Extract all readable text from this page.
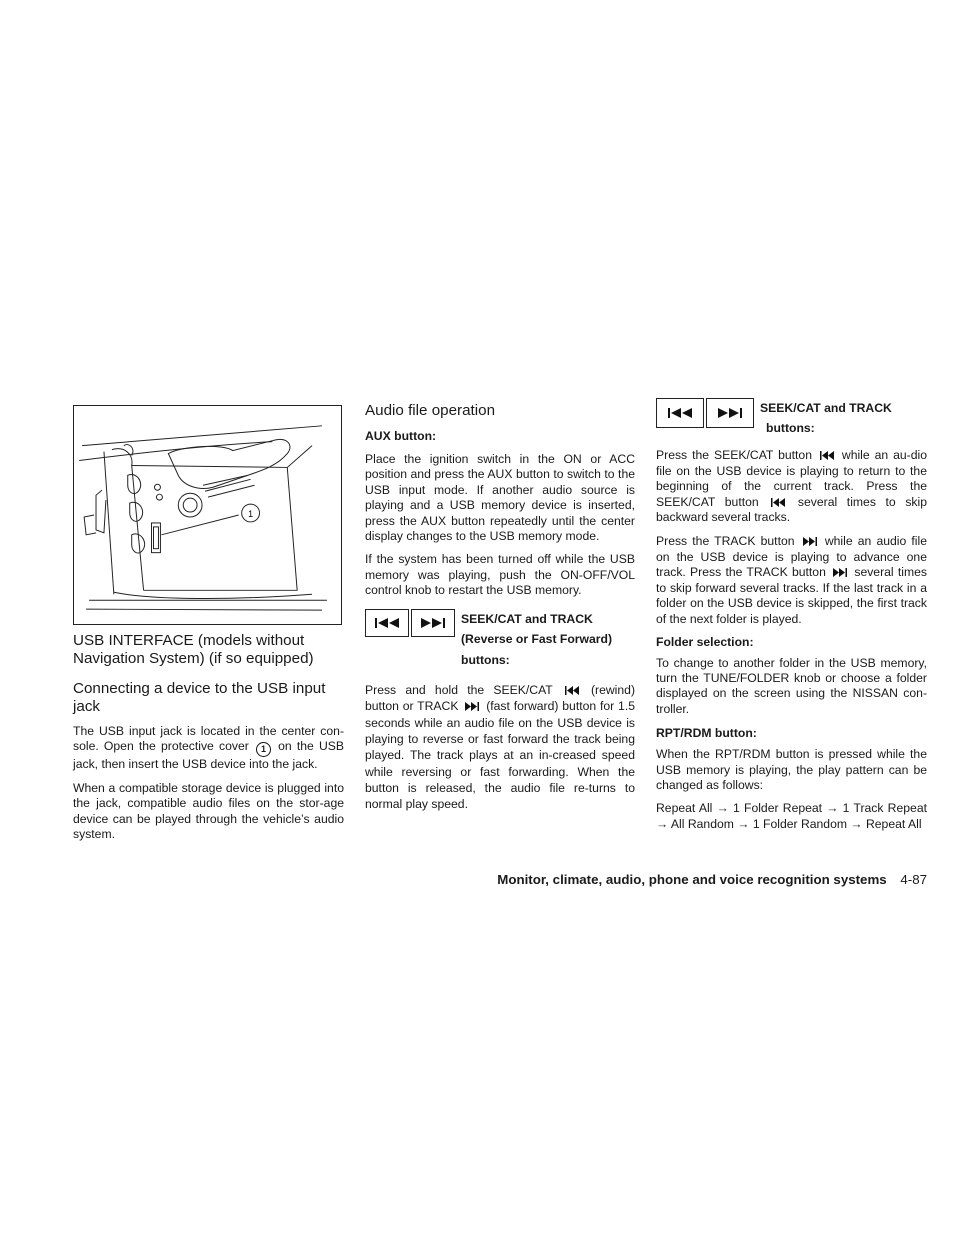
1
USB INTERFACE (models without Navigation System) (if so equipped)
Connecting a device to the USB input jack

The USB input jack is located in the center con-sole. Open the protective cover 1 on the USB jack, then insert the USB device into the jack.

When a compatible storage device is plugged into the jack, compatible audio files on the stor-age device can be played through the vehicle’s audio system.

Audio file operation
AUX button:

Place the ignition switch in the ON or ACC position and press the AUX button to switch to the USB input mode. If another audio source is playing and a USB memory device is inserted, press the AUX button repeatedly until the center display changes to the USB memory mode.

If the system has been turned off while the USB memory was playing, push the ON-OFF/VOL control knob to restart the USB memory.

SEEK/CAT and TRACK
(Reverse or Fast Forward)
buttons:

Press and hold the SEEK/CAT	(rewind) button or TRACK (fast forward) button for 1.5 seconds while an audio file on the USB device is playing to reverse or fast forward the track being played. The track plays at an in-creased speed while reversing or fast forwarding. When the button is released, the audio file re-turns to normal play speed.

SEEK/CAT and TRACK
buttons:

Press the SEEK/CAT button while an au-dio file on the USB device is playing to return to the beginning of the current track. Press the SEEK/CAT button	several times to skip backward several tracks.

Press the TRACK button while an audio file on the USB device is playing to advance one track. Press the TRACK button several times to skip forward several tracks. If the last track in a folder on the USB device is skipped, the first track of the next folder is played.

Folder selection:

To change to another folder in the USB memory, turn the TUNE/FOLDER knob or choose a folder displayed on the screen using the NISSAN con-troller.

RPT/RDM button:

When the RPT/RDM button is pressed while the USB memory is playing, the play pattern can be changed as follows:

Repeat All → 1 Folder Repeat → 1 Track Repeat → All Random → 1 Folder Random → Repeat All

Monitor, climate, audio, phone and voice recognition systems 4-87
